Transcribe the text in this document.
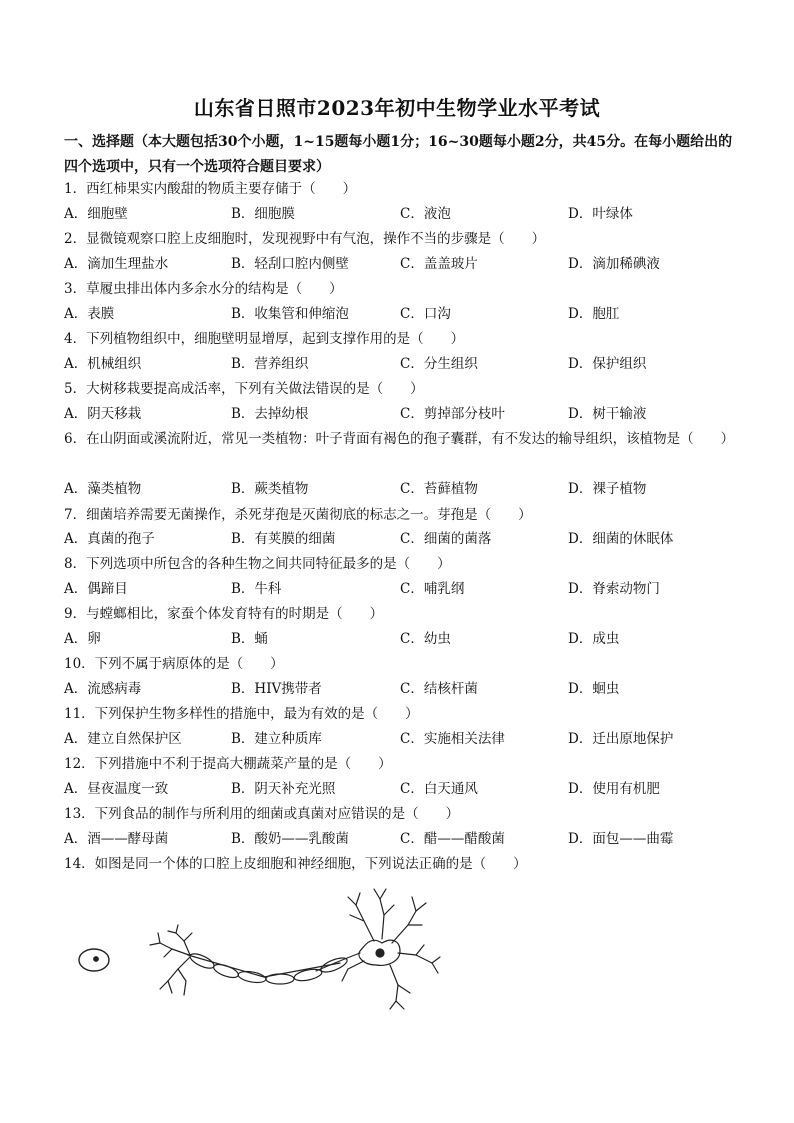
山东省日照市2023年初中生物学业水平考试
一、选择题（本大题包括30个小题，1~15题每小题1分；16~30题每小题2分，共45分。在每小题给出的四个选项中，只有一个选项符合题目要求）
1．西红柿果实内酸甜的物质主要存储于（　　）
A．细胞壁	B．细胞膜	C．液泡	D．叶绿体
2．显微镜观察口腔上皮细胞时，发现视野中有气泡，操作不当的步骤是（　　）
A．滴加生理盐水	B．轻刮口腔内侧壁	C．盖盖玻片	D．滴加稀碘液
3．草履虫排出体内多余水分的结构是（　　）
A．表膜	B．收集管和伸缩泡	C．口沟	D．胞肛
4．下列植物组织中，细胞壁明显增厚，起到支撑作用的是（　　）
A．机械组织	B．营养组织	C．分生组织	D．保护组织
5．大树移栽要提高成活率，下列有关做法错误的是（　　）
A．阴天移栽	B．去掉幼根	C．剪掉部分枝叶	D．树干输液
6．在山阴面或溪流附近，常见一类植物：叶子背面有褐色的孢子囊群，有不发达的输导组织，该植物是（　　）
A．藻类植物	B．蕨类植物	C．苔藓植物	D．裸子植物
7．细菌培养需要无菌操作，杀死芽孢是灭菌彻底的标志之一。芽孢是（　　）
A．真菌的孢子	B．有荚膜的细菌	C．细菌的菌落	D．细菌的休眠体
8．下列选项中所包含的各种生物之间共同特征最多的是（　　）
A．偶蹄目	B．牛科	C．哺乳纲	D．脊索动物门
9．与螳螂相比，家蚕个体发育特有的时期是（　　）
A．卵	B．蛹	C．幼虫	D．成虫
10．下列不属于病原体的是（　　）
A．流感病毒	B．HIV携带者	C．结核杆菌	D．蛔虫
11．下列保护生物多样性的措施中，最为有效的是（　　）
A．建立自然保护区	B．建立种质库	C．实施相关法律	D．迁出原地保护
12．下列措施中不利于提高大棚蔬菜产量的是（　　）
A．昼夜温度一致	B．阴天补充光照	C．白天通风	D．使用有机肥
13．下列食品的制作与所利用的细菌或真菌对应错误的是（　　）
A．酒——酵母菌	B．酸奶——乳酸菌	C．醋——醋酸菌	D．面包——曲霉
14．如图是同一个体的口腔上皮细胞和神经细胞，下列说法正确的是（　　）
